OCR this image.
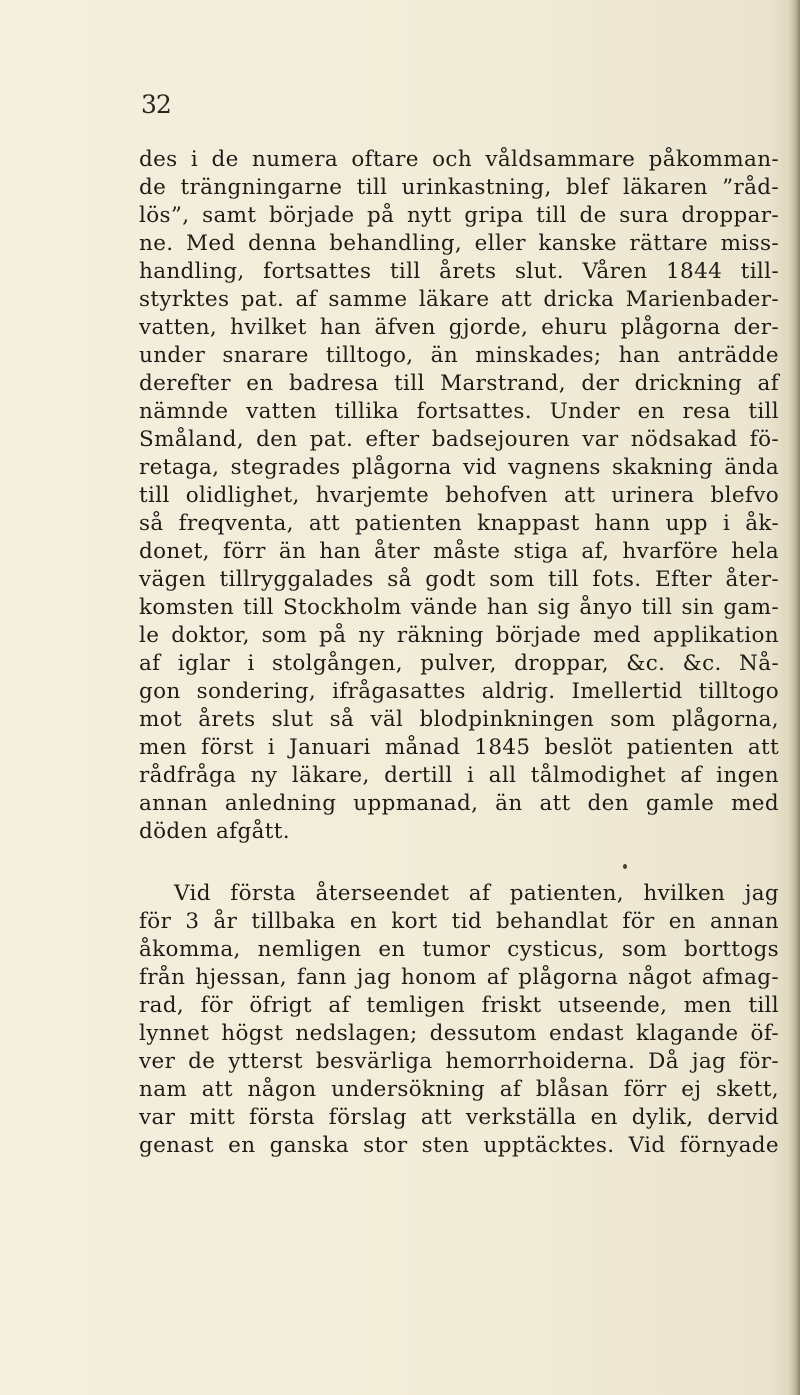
32
des i de numera oftare och våldsammare påkomman-
de trängningarne till urinkastning, blef läkaren ”råd-
lös”, samt började på nytt gripa till de sura droppar-
ne. Med denna behandling, eller kanske rättare miss-
handling, fortsattes till årets slut. Våren 1844 till-
styrktes pat. af samme läkare att dricka Marienbader-
vatten, hvilket han äfven gjorde, ehuru plågorna der-
under snarare tilltogo, än minskades; han anträdde
derefter en badresa till Marstrand, der drickning af
nämnde vatten tillika fortsattes. Under en resa till
Småland, den pat. efter badsejouren var nödsakad fö-
retaga, stegrades plågorna vid vagnens skakning ända
till olidlighet, hvarjemte behofven att urinera blefvo
så freqventa, att patienten knappast hann upp i åk-
donet, förr än han åter måste stiga af, hvarföre hela
vägen tillryggalades så godt som till fots. Efter åter-
komsten till Stockholm vände han sig ånyo till sin gam-
le doktor, som på ny räkning började med applikation
af iglar i stolgången, pulver, droppar, &c. &c. Nå-
gon sondering, ifrågasattes aldrig. Imellertid tilltogo
mot årets slut så väl blodpinkningen som plågorna,
men först i Januari månad 1845 beslöt patienten att
rådfråga ny läkare, dertill i all tålmodighet af ingen
annan anledning uppmanad, än att den gamle med
döden afgått.
Vid första återseendet af patienten, hvilken jag
för 3 år tillbaka en kort tid behandlat för en annan
åkomma, nemligen en tumor cysticus, som borttogs
från hjessan, fann jag honom af plågorna något afmag-
rad, för öfrigt af temligen friskt utseende, men till
lynnet högst nedslagen; dessutom endast klagande öf-
ver de ytterst besvärliga hemorrhoiderna. Då jag för-
nam att någon undersökning af blåsan förr ej skett,
var mitt första förslag att verkställa en dylik, dervid
genast en ganska stor sten upptäcktes. Vid förnyade
